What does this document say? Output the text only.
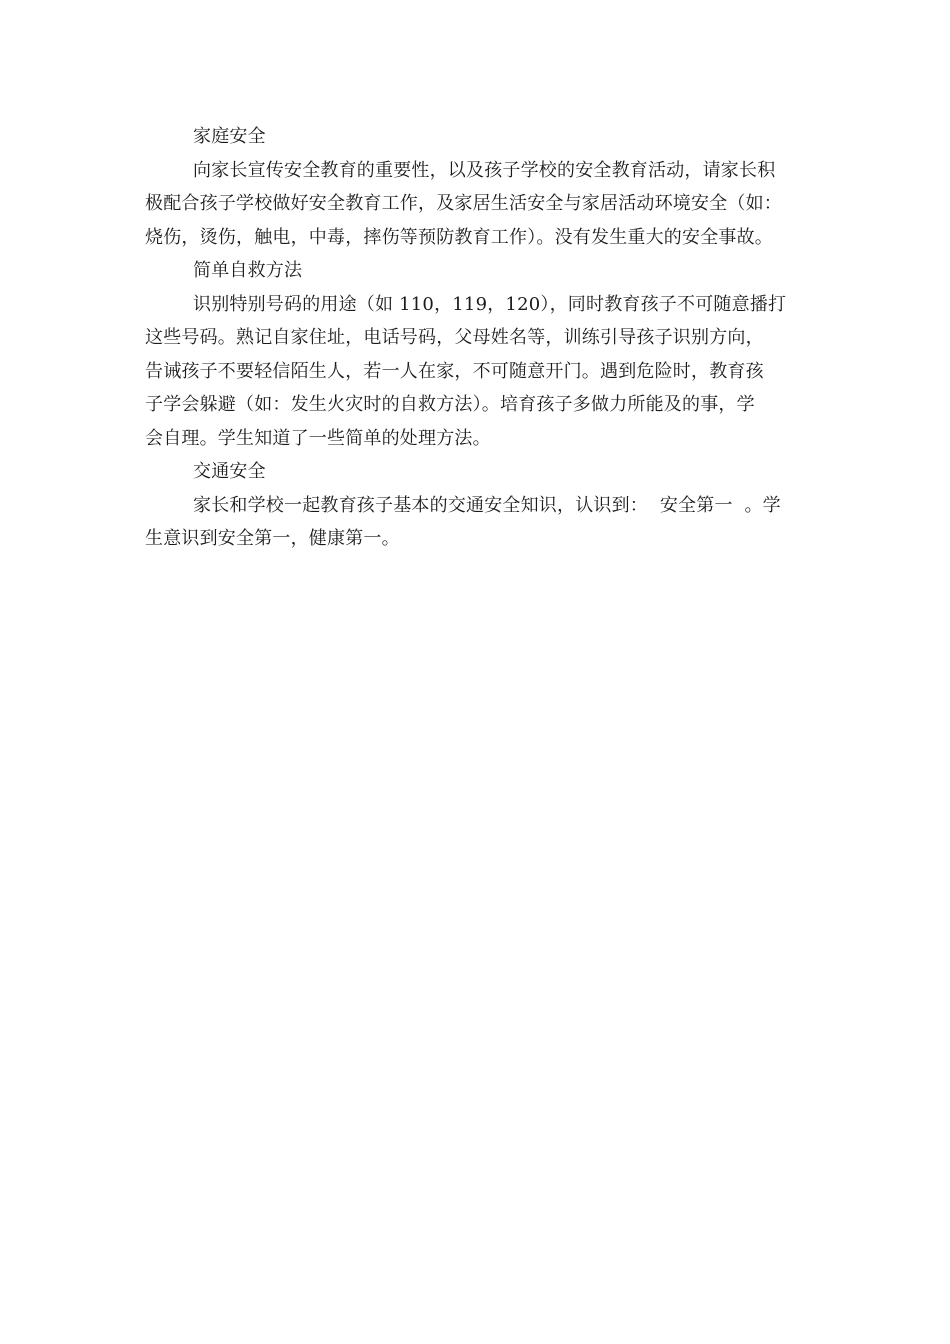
家庭安全

向家长宣传安全教育的重要性，以及孩子学校的安全教育活动，请家长积
极配合孩子学校做好安全教育工作，及家居生活安全与家居活动环境安全（如：
烧伤，烫伤，触电，中毒，摔伤等预防教育工作）。没有发生重大的安全事故。

简单自救方法

识别特别号码的用途（如 110，119，120），同时教育孩子不可随意播打
这些号码。熟记自家住址，电话号码，父母姓名等，训练引导孩子识别方向，
告诫孩子不要轻信陌生人，若一人在家，不可随意开门。遇到危险时，教育孩
子学会躲避（如：发生火灾时的自救方法）。培育孩子多做力所能及的事，学
会自理。学生知道了一些简单的处理方法。

交通安全

家长和学校一起教育孩子基本的交通安全知识，认识到：  安全第一  。学
生意识到安全第一，健康第一。
